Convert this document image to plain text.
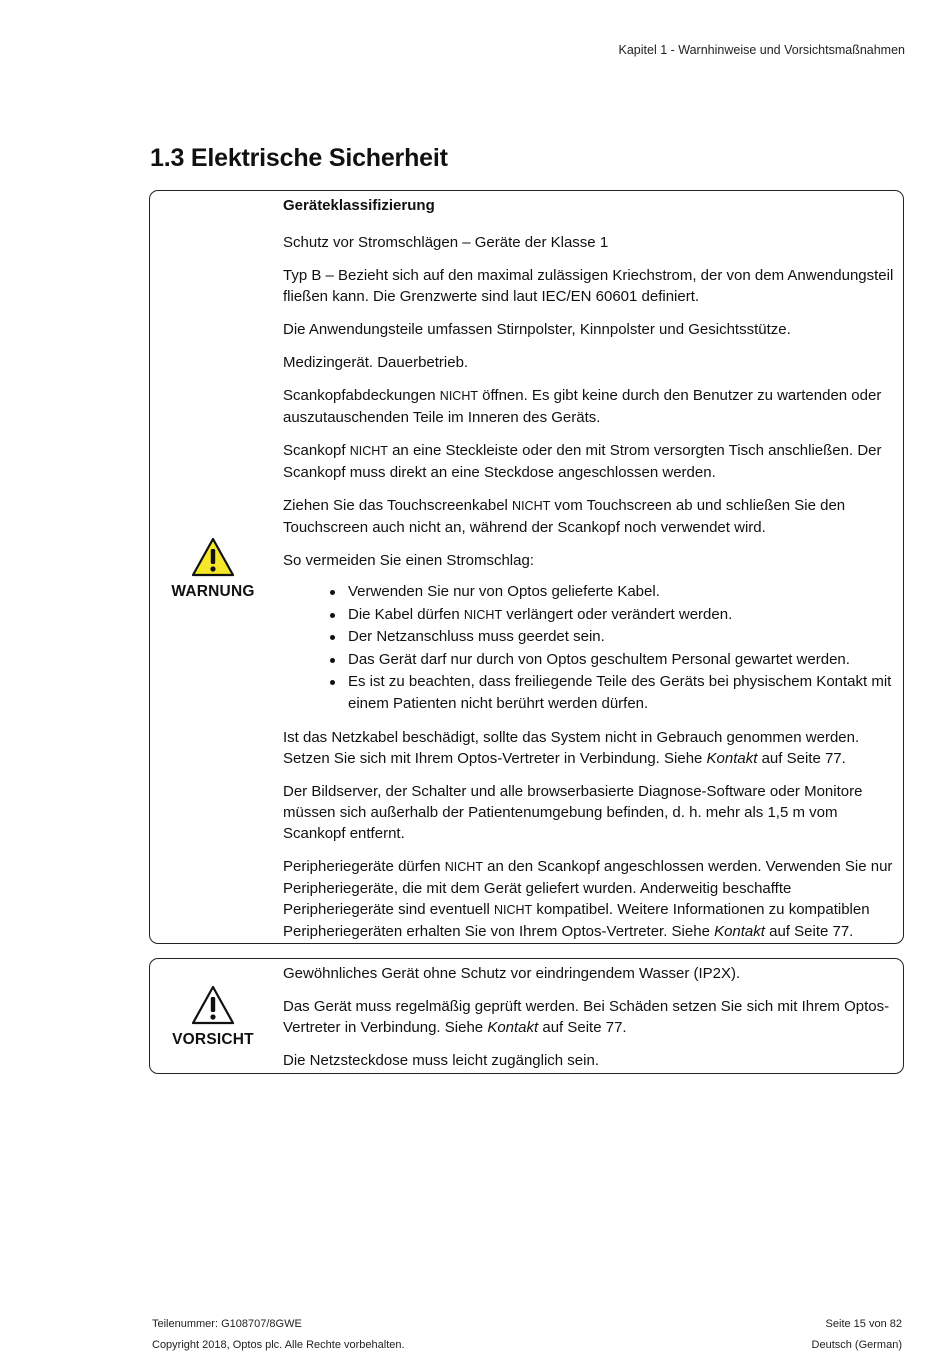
Kapitel 1 - Warnhinweise und Vorsichtsmaßnahmen
1.3 Elektrische Sicherheit
WARNUNG

Geräteklassifizierung

Schutz vor Stromschlägen – Geräte der Klasse 1

Typ B – Bezieht sich auf den maximal zulässigen Kriechstrom, der von dem Anwendungsteil fließen kann. Die Grenzwerte sind laut IEC/EN 60601 definiert.

Die Anwendungsteile umfassen Stirnpolster, Kinnpolster und Gesichtsstütze.

Medizingerät. Dauerbetrieb.

Scankopfabdeckungen NICHT öffnen. Es gibt keine durch den Benutzer zu wartenden oder auszutauschenden Teile im Inneren des Geräts.

Scankopf NICHT an eine Steckleiste oder den mit Strom versorgten Tisch anschließen. Der Scankopf muss direkt an eine Steckdose angeschlossen werden.

Ziehen Sie das Touchscreenkabel NICHT vom Touchscreen ab und schließen Sie den Touchscreen auch nicht an, während der Scankopf noch verwendet wird.

So vermeiden Sie einen Stromschlag:

Verwenden Sie nur von Optos gelieferte Kabel.
Die Kabel dürfen NICHT verlängert oder verändert werden.
Der Netzanschluss muss geerdet sein.
Das Gerät darf nur durch von Optos geschultem Personal gewartet werden.
Es ist zu beachten, dass freiliegende Teile des Geräts bei physischem Kontakt mit einem Patienten nicht berührt werden dürfen.

Ist das Netzkabel beschädigt, sollte das System nicht in Gebrauch genommen werden. Setzen Sie sich mit Ihrem Optos-Vertreter in Verbindung. Siehe Kontakt auf Seite 77.

Der Bildserver, der Schalter und alle browserbasierte Diagnose-Software oder Monitore müssen sich außerhalb der Patientenumgebung befinden, d. h. mehr als 1,5 m vom Scankopf entfernt.

Peripheriegeräte dürfen NICHT an den Scankopf angeschlossen werden. Verwenden Sie nur Peripheriegeräte, die mit dem Gerät geliefert wurden. Anderweitig beschaffte Peripheriegeräte sind eventuell NICHT kompatibel. Weitere Informationen zu kompatiblen Peripheriegeräten erhalten Sie von Ihrem Optos-Vertreter. Siehe Kontakt auf Seite 77.

VORSICHT

Gewöhnliches Gerät ohne Schutz vor eindringendem Wasser (IP2X).

Das Gerät muss regelmäßig geprüft werden. Bei Schäden setzen Sie sich mit Ihrem Optos-Vertreter in Verbindung. Siehe Kontakt auf Seite 77.

Die Netzsteckdose muss leicht zugänglich sein.

Teilenummer: G108707/8GWE
Copyright 2018, Optos plc. Alle Rechte vorbehalten.
Seite 15 von 82
Deutsch (German)
